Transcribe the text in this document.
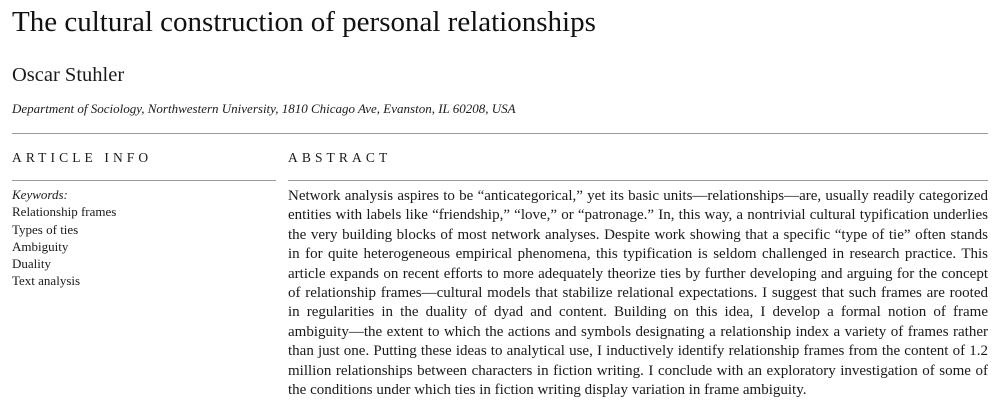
The cultural construction of personal relationships
Oscar Stuhler
Department of Sociology, Northwestern University, 1810 Chicago Ave, Evanston, IL 60208, USA
ARTICLE INFO	ABSTRACT
Keywords:
Relationship frames
Types of ties
Ambiguity
Duality
Text analysis

Network analysis aspires to be “anticategorical,” yet its basic units—relationships—are, usually readily categorized entities with labels like “friendship,” “love,” or “patronage.” In, this way, a nontrivial cultural typification underlies the very building blocks of most network analyses. Despite work showing that a specific “type of tie” often stands in for quite heterogeneous empirical phenomena, this typification is seldom challenged in research practice. This article expands on recent efforts to more adequately theorize ties by further developing and arguing for the concept of relationship frames—cultural models that stabilize relational expectations. I suggest that such frames are rooted in regularities in the duality of dyad and content. Building on this idea, I develop a formal notion of frame ambiguity—the extent to which the actions and symbols designating a relationship index a variety of frames rather than just one. Putting these ideas to analytical use, I inductively identify relationship frames from the content of 1.2 million relationships between characters in fiction writing. I conclude with an exploratory investigation of some of the conditions under which ties in fiction writing display variation in frame ambiguity.
